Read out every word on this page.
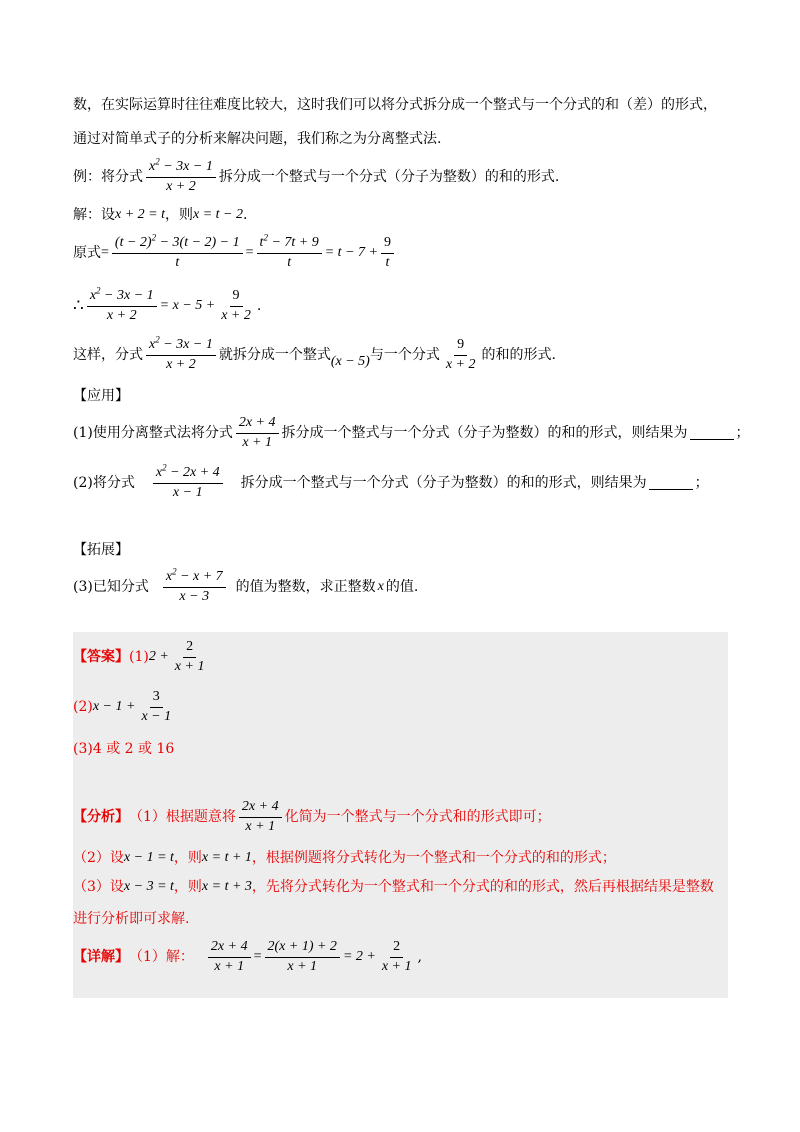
数，在实际运算时往往难度比较大，这时我们可以将分式拆分成一个整式与一个分式的和（差）的形式，
通过对简单式子的分析来解决问题，我们称之为分离整式法.
例：将分式 $\frac{x^2 - 3x - 1}{x + 2}$ 拆分成一个整式与一个分式（分子为整数）的和的形式.
解：设 x + 2 = t ，则 x = t − 2 .
原式 = $\frac{(t - 2)^2 - 3(t - 2) - 1}{t} = \frac{t^2 - 7t + 9}{t} = t - 7 + \frac{9}{t}$
∴ $\frac{x^2 - 3x - 1}{x + 2} = x - 5 + \frac{9}{x + 2}$ .
这样，分式 $\frac{x^2 - 3x - 1}{x + 2}$ 就拆分成一个整式 (x − 5) 与一个分式 $\frac{9}{x + 2}$ 的和的形式.
【应用】
(1)使用分离整式法将分式 $\frac{2x + 4}{x + 1}$ 拆分成一个整式与一个分式（分子为整数）的和的形式，则结果为	；
(2)将分式 $\frac{x^2 - 2x + 4}{x - 1}$ 拆分成一个整式与一个分式（分子为整数）的和的形式，则结果为	；
【拓展】
(3)已知分式 $\frac{x^2 - x + 7}{x - 3}$ 的值为整数，求正整数 x 的值.
【答案】 (1) $2 + \frac{2}{x + 1}$
(2) $x - 1 + \frac{3}{x - 1}$
(3)4 或 2 或 16
【分析】 （1）根据题意将 $\frac{2x + 4}{x + 1}$ 化简为一个整式与一个分式和的形式即可；
（2）设 x − 1 = t ，则 x = t + 1 ，根据例题将分式转化为一个整式和一个分式的和的形式；
（3）设 x − 3 = t ，则 x = t + 3 ，先将分式转化为一个整式和一个分式的和的形式，然后再根据结果是整数
进行分析即可求解.
【详解】 （1）解： $\frac{2x + 4}{x + 1} = \frac{2(x + 1) + 2}{x + 1} = 2 + \frac{2}{x + 1}$ ,
